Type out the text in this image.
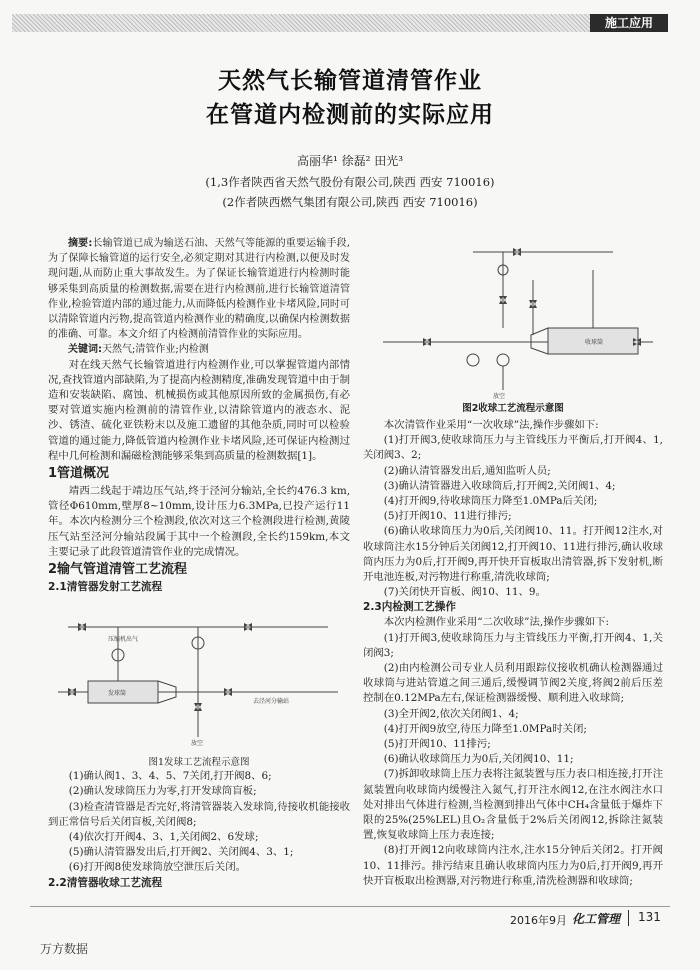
施工应用
天然气长输管道清管作业
在管道内检测前的实际应用
高丽华¹ 徐磊² 田光³
(1,3作者陕西省天然气股份有限公司,陕西 西安 710016)
(2作者陕西燃气集团有限公司,陕西 西安 710016)

摘要:长输管道已成为输送石油、天然气等能源的重要运输手段,为了保障长输管道的运行安全,必须定期对其进行内检测,以便及时发现问题,从而防止重大事故发生。为了保证长输管道进行内检测时能够采集到高质量的检测数据,需要在进行内检测前,进行长输管道清管作业,检验管道内部的通过能力,从而降低内检测作业卡堵风险,同时可以清除管道内污物,提高管道内检测作业的精确度,以确保内检测数据的准确、可靠。本文介绍了内检测前清管作业的实际应用。

关键词:天然气;清管作业;内检测

对在线天然气长输管道进行内检测作业,可以掌握管道内部情况,查找管道内部缺陷,为了提高内检测精度,准确发现管道中由于制造和安装缺陷、腐蚀、机械损伤或其他原因所致的金属损伤,有必要对管道实施内检测前的清管作业,以清除管道内的液态水、泥沙、锈渣、硫化亚铁粉末以及施工遗留的其他杂质,同时可以检验管道的通过能力,降低管道内检测作业卡堵风险,还可保证内检测过程中几何检测和漏磁检测能够采集到高质量的检测数据[1]。

1管道概况

靖西二线起于靖边压气站,终于泾河分输站,全长约476.3 km,管径Φ610mm,壁厚8~10mm,设计压力6.3MPa,已投产运行11年。本次内检测分三个检测段,依次对这三个检测段进行检测,黄陵压气站至泾河分输站段属于其中一个检测段,全长约159km,本文主要记录了此段管道清管作业的完成情况。

2输气管道清管工艺流程
2.1清管器发射工艺流程
压缩机出气
发球筒
去泾河分输站
放空
图1发球工艺流程示意图

(1)确认阀1、3、4、5、7关闭,打开阀8、6;

(2)确认发球筒压力为零,打开发球筒盲板;

(3)检查清管器是否完好,将清管器装入发球筒,待接收机能接收到正常信号后关闭盲板,关闭阀8;

(4)依次打开阀4、3、1,关闭阀2、6发球;

(5)确认清管器发出后,打开阀2、关闭阀4、3、1;

(6)打开阀8使发球筒放空泄压后关闭。

2.2清管器收球工艺流程
收球筒
放空
图2收球工艺流程示意图

本次清管作业采用“一次收球”法,操作步骤如下:

(1)打开阀3,使收球筒压力与主管线压力平衡后,打开阀4、1,关闭阀3、2;

(2)确认清管器发出后,通知监听人员;

(3)确认清管器进入收球筒后,打开阀2,关闭阀1、4;

(4)打开阀9,待收球筒压力降至1.0MPa后关闭;

(5)打开阀10、11进行排污;

(6)确认收球筒压力为0后,关闭阀10、11。打开阀12注水,对收球筒注水15分钟后关闭阀12,打开阀10、11进行排污,确认收球筒内压力为0后,打开阀9,再开快开盲板取出清管器,拆下发射机,断开电池连板,对污物进行称重,清洗收球筒;

(7)关闭快开盲板、阀10、11、9。

2.3内检测工艺操作

本次内检测作业采用“二次收球”法,操作步骤如下:

(1)打开阀3,使收球筒压力与主管线压力平衡,打开阀4、1,关闭阀3;

(2)由内检测公司专业人员利用跟踪仪接收机确认检测器通过收球筒与进站管道之间三通后,缓慢调节阀2关度,将阀2前后压差控制在0.12MPa左右,保证检测器缓慢、顺利进入收球筒;

(3)全开阀2,依次关闭阀1、4;

(4)打开阀9放空,待压力降至1.0MPa时关闭;

(5)打开阀10、11排污;

(6)确认收球筒压力为0后,关闭阀10、11;

(7)拆卸收球筒上压力表将注氮装置与压力表口相连接,打开注氮装置向收球筒内缓慢注入氮气,打开注水阀12,在注水阀注水口处对排出气体进行检测,当检测到排出气体中CH₄含量低于爆炸下限的25%(25%LEL)且O₂含量低于2%后关闭阀12,拆除注氮装置,恢复收球筒上压力表连接;

(8)打开阀12向收球筒内注水,注水15分钟后关闭2。打开阀10、11排污。排污结束且确认收球筒内压力为0后,打开阀9,再开快开盲板取出检测器,对污物进行称重,清洗检测器和收球筒;

2016年9月 化工管理 131
万方数据
